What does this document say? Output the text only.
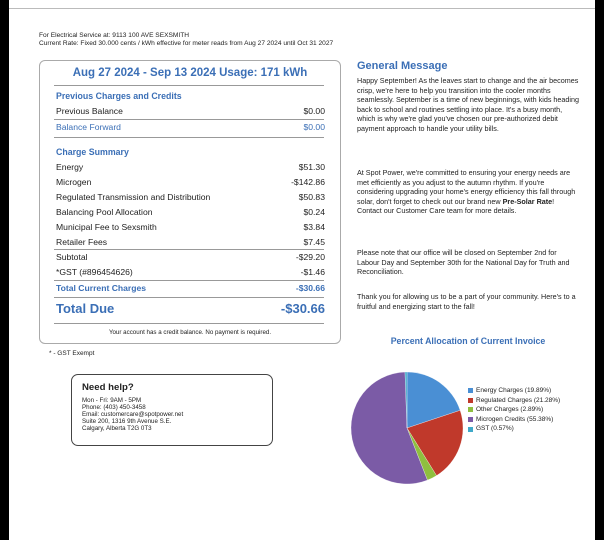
For Electrical Service at: 9113 100 AVE SEXSMITH
Current Rate: Fixed 30.000 cents / kWh effective for meter reads from Aug 27 2024 until Oct 31 2027
Aug 27 2024 - Sep 13 2024 Usage: 171 kWh
Previous Charges and Credits
Previous Balance	$0.00
Balance Forward	$0.00
Charge Summary
Energy	$51.30
Microgen	-$142.86
Regulated Transmission and Distribution	$50.83
Balancing Pool Allocation	$0.24
Municipal Fee to Sexsmith	$3.84
Retailer Fees	$7.45
Subtotal	-$29.20
*GST (#896454626)	-$1.46
Total Current Charges	-$30.66
Total Due	-$30.66
Your account has a credit balance. No payment is required.
* - GST Exempt
Need help?
Mon - Fri: 9AM - 5PM
Phone: (403) 450-3458
Email: customercare@spotpower.net
Suite 200, 1316 9th Avenue S.E.
Calgary, Alberta T2G 0T3
General Message
Happy September! As the leaves start to change and the air becomes crisp, we're here to help you transition into the cooler months seamlessly. September is a time of new beginnings, with kids heading back to school and routines settling into place. It's a busy month, which is why we're glad you've chosen our pre-authorized debit payment approach to handle your utility bills.
At Spot Power, we're committed to ensuring your energy needs are met efficiently as you adjust to the autumn rhythm. If you're considering upgrading your home's energy efficiency this fall through solar, don't forget to check out our brand new Pre-Solar Rate! Contact our Customer Care team for more details.
Please note that our office will be closed on September 2nd for Labour Day and September 30th for the National Day for Truth and Reconciliation.
Thank you for allowing us to be a part of your community. Here's to a fruitful and energizing start to the fall!
Percent Allocation of Current Invoice
Energy Charges (19.89%)
Regulated Charges (21.28%)
Other Charges (2.89%)
Microgen Credits (55.38%)
GST (0.57%)
